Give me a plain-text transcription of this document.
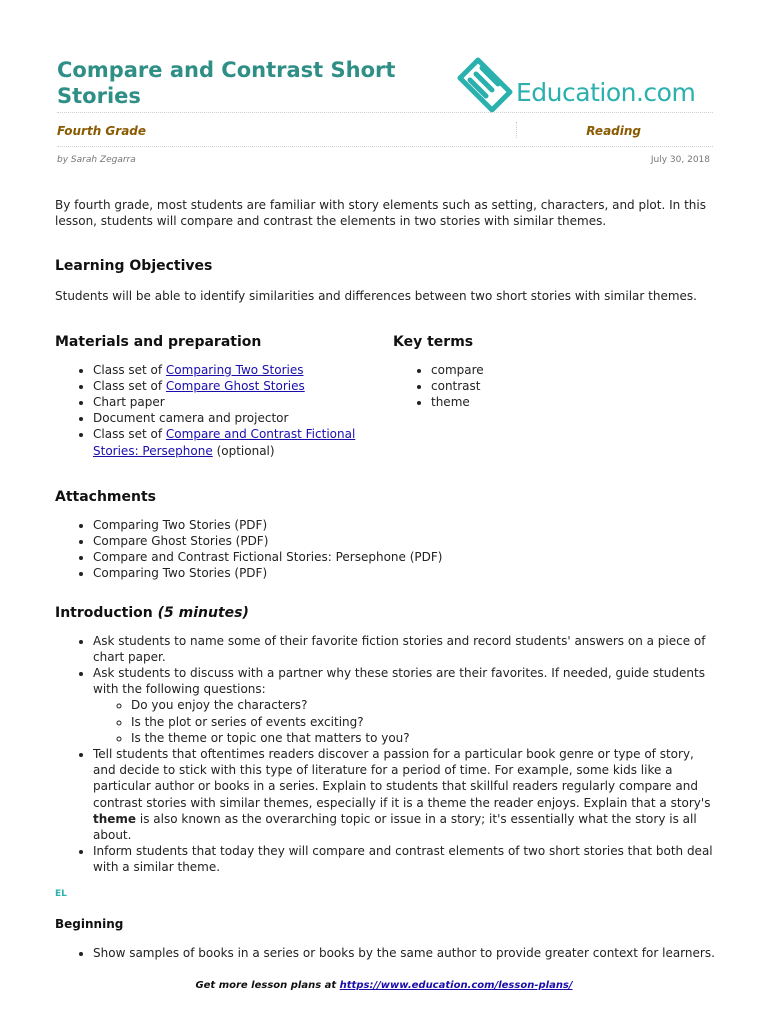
Compare and Contrast Short Stories	Education.com
Fourth Grade	Reading
by Sarah Zegarra	July 30, 2018

By fourth grade, most students are familiar with story elements such as setting, characters, and plot. In this lesson, students will compare and contrast the elements in two stories with similar themes.

Learning Objectives

Students will be able to identify similarities and differences between two short stories with similar themes.

Materials and preparation
• Class set of Comparing Two Stories
• Class set of Compare Ghost Stories
• Chart paper
• Document camera and projector
• Class set of Compare and Contrast Fictional Stories: Persephone (optional)
Key terms
• compare
• contrast
• theme
Attachments
• Comparing Two Stories (PDF)
• Compare Ghost Stories (PDF)
• Compare and Contrast Fictional Stories: Persephone (PDF)
• Comparing Two Stories (PDF)
Introduction (5 minutes)
• Ask students to name some of their favorite fiction stories and record students' answers on a piece of chart paper.
• Ask students to discuss with a partner why these stories are their favorites. If needed, guide students with the following questions:
◦ Do you enjoy the characters?
◦ Is the plot or series of events exciting?
◦ Is the theme or topic one that matters to you?
• Tell students that oftentimes readers discover a passion for a particular book genre or type of story, and decide to stick with this type of literature for a period of time. For example, some kids like a particular author or books in a series. Explain to students that skillful readers regularly compare and contrast stories with similar themes, especially if it is a theme the reader enjoys. Explain that a story's theme is also known as the overarching topic or issue in a story; it's essentially what the story is all about.
• Inform students that today they will compare and contrast elements of two short stories that both deal with a similar theme.
EL
Beginning
• Show samples of books in a series or books by the same author to provide greater context for learners.
Get more lesson plans at https://www.education.com/lesson-plans/
